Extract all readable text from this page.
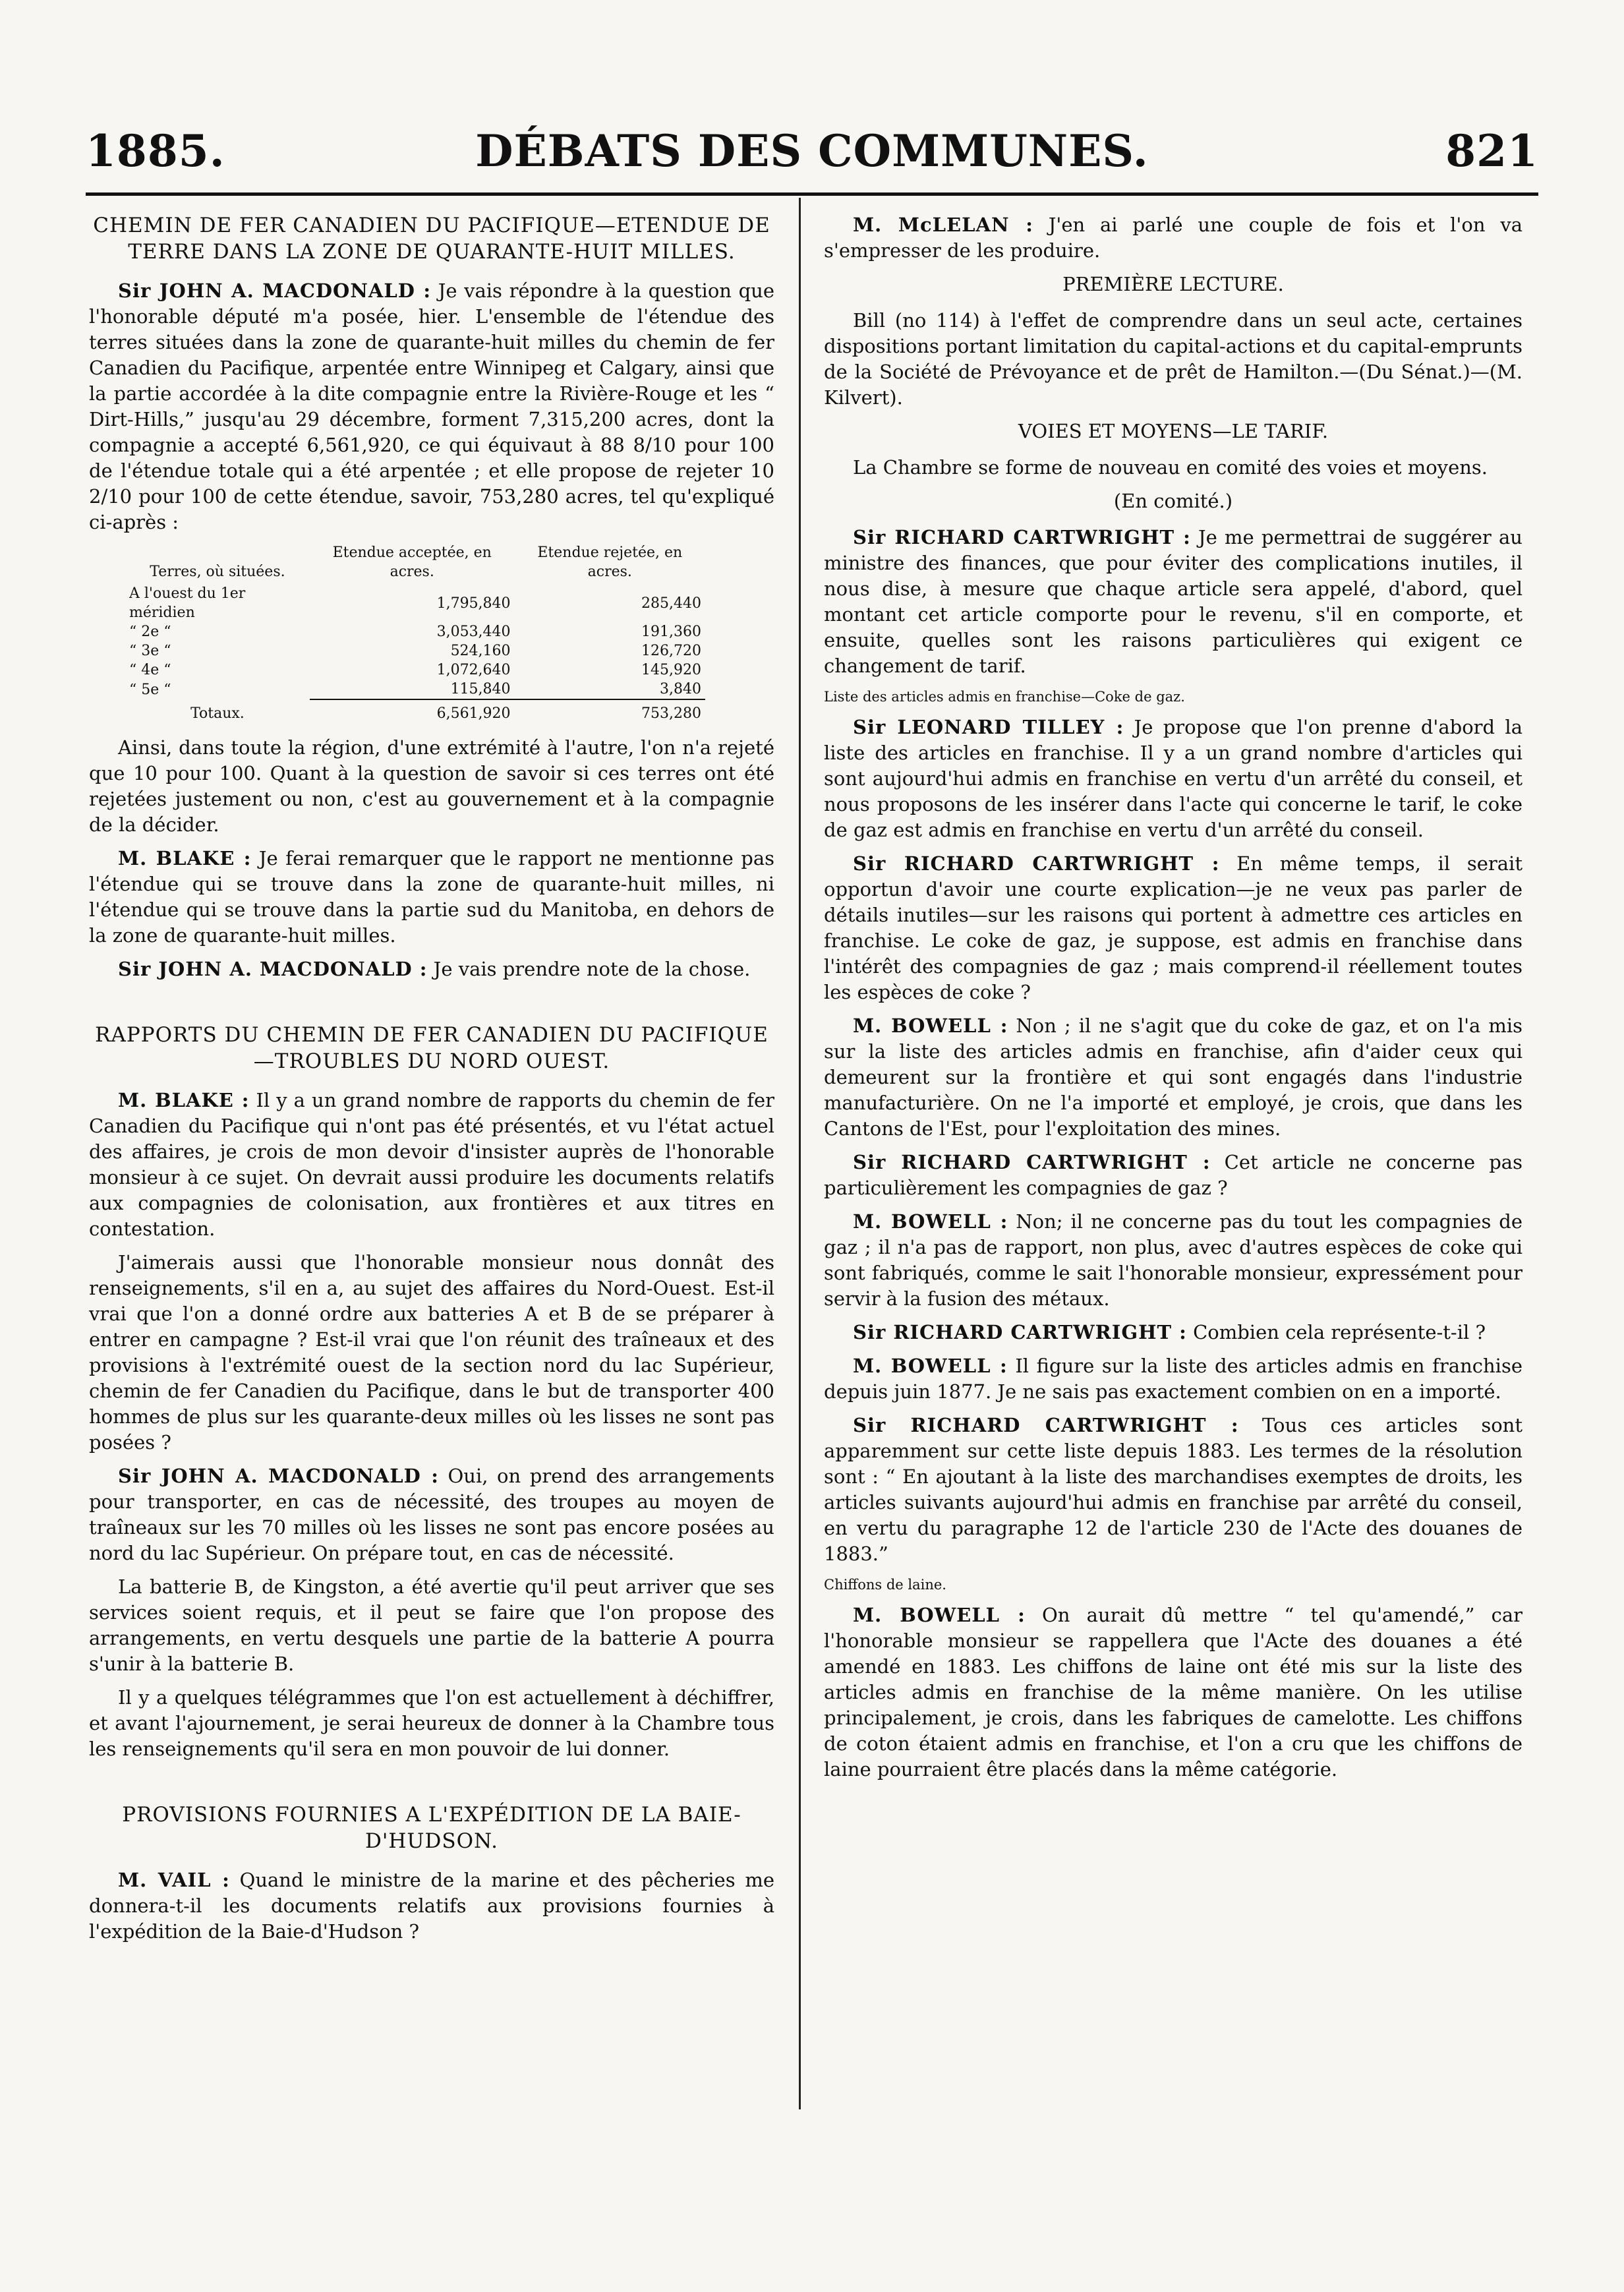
1885.	DÉBATS DES COMMUNES.	821
CHEMIN DE FER CANADIEN DU PACIFIQUE—ETENDUE DE TERRE DANS LA ZONE DE QUARANTE-HUIT MILLES.

Sir JOHN A. MACDONALD : Je vais répondre à la question que l'honorable député m'a posée, hier. L'ensemble de l'étendue des terres situées dans la zone de quarante-huit milles du chemin de fer Canadien du Pacifique, arpentée entre Winnipeg et Calgary, ainsi que la partie accordée à la dite compagnie entre la Rivière-Rouge et les “ Dirt-Hills,” jusqu'au 29 décembre, forment 7,315,200 acres, dont la compagnie a accepté 6,561,920, ce qui équivaut à 88 8/10 pour 100 de l'étendue totale qui a été arpentée ; et elle propose de rejeter 10 2/10 pour 100 de cette étendue, savoir, 753,280 acres, tel qu'expliqué ci-après :

Terres, où situées.	Etendue acceptée, en acres.	Etendue rejetée, en acres.
A l'ouest du 1er méridien	1,795,840	285,440
“ 2e “	3,053,440	191,360
“ 3e “	524,160	126,720
“ 4e “	1,072,640	145,920
“ 5e “	115,840	3,840
Totaux.	6,561,920	753,280

Ainsi, dans toute la région, d'une extrémité à l'autre, l'on n'a rejeté que 10 pour 100. Quant à la question de savoir si ces terres ont été rejetées justement ou non, c'est au gouvernement et à la compagnie de la décider.

M. BLAKE : Je ferai remarquer que le rapport ne mentionne pas l'étendue qui se trouve dans la zone de quarante-huit milles, ni l'étendue qui se trouve dans la partie sud du Manitoba, en dehors de la zone de quarante-huit milles.

Sir JOHN A. MACDONALD : Je vais prendre note de la chose.

RAPPORTS DU CHEMIN DE FER CANADIEN DU PACIFIQUE—TROUBLES DU NORD OUEST.

M. BLAKE : Il y a un grand nombre de rapports du chemin de fer Canadien du Pacifique qui n'ont pas été présentés, et vu l'état actuel des affaires, je crois de mon devoir d'insister auprès de l'honorable monsieur à ce sujet. On devrait aussi produire les documents relatifs aux compagnies de colonisation, aux frontières et aux titres en contestation.

J'aimerais aussi que l'honorable monsieur nous donnât des renseignements, s'il en a, au sujet des affaires du Nord-Ouest. Est-il vrai que l'on a donné ordre aux batteries A et B de se préparer à entrer en campagne ? Est-il vrai que l'on réunit des traîneaux et des provisions à l'extrémité ouest de la section nord du lac Supérieur, chemin de fer Canadien du Pacifique, dans le but de transporter 400 hommes de plus sur les quarante-deux milles où les lisses ne sont pas posées ?

Sir JOHN A. MACDONALD : Oui, on prend des arrangements pour transporter, en cas de nécessité, des troupes au moyen de traîneaux sur les 70 milles où les lisses ne sont pas encore posées au nord du lac Supérieur. On prépare tout, en cas de nécessité.

La batterie B, de Kingston, a été avertie qu'il peut arriver que ses services soient requis, et il peut se faire que l'on propose des arrangements, en vertu desquels une partie de la batterie A pourra s'unir à la batterie B.

Il y a quelques télégrammes que l'on est actuellement à déchiffrer, et avant l'ajournement, je serai heureux de donner à la Chambre tous les renseignements qu'il sera en mon pouvoir de lui donner.

PROVISIONS FOURNIES A L'EXPÉDITION DE LA BAIE-D'HUDSON.

M. VAIL : Quand le ministre de la marine et des pêcheries me donnera-t-il les documents relatifs aux provisions fournies à l'expédition de la Baie-d'Hudson ?

M. McLELAN : J'en ai parlé une couple de fois et l'on va s'empresser de les produire.

PREMIÈRE LECTURE.

Bill (no 114) à l'effet de comprendre dans un seul acte, certaines dispositions portant limitation du capital-actions et du capital-emprunts de la Société de Prévoyance et de prêt de Hamilton.—(Du Sénat.)—(M. Kilvert).

VOIES ET MOYENS—LE TARIF.

La Chambre se forme de nouveau en comité des voies et moyens.

(En comité.)

Sir RICHARD CARTWRIGHT : Je me permettrai de suggérer au ministre des finances, que pour éviter des complications inutiles, il nous dise, à mesure que chaque article sera appelé, d'abord, quel montant cet article comporte pour le revenu, s'il en comporte, et ensuite, quelles sont les raisons particulières qui exigent ce changement de tarif.

Liste des articles admis en franchise—Coke de gaz.

Sir LEONARD TILLEY : Je propose que l'on prenne d'abord la liste des articles en franchise. Il y a un grand nombre d'articles qui sont aujourd'hui admis en franchise en vertu d'un arrêté du conseil, et nous proposons de les insérer dans l'acte qui concerne le tarif, le coke de gaz est admis en franchise en vertu d'un arrêté du conseil.

Sir RICHARD CARTWRIGHT : En même temps, il serait opportun d'avoir une courte explication—je ne veux pas parler de détails inutiles—sur les raisons qui portent à admettre ces articles en franchise. Le coke de gaz, je suppose, est admis en franchise dans l'intérêt des compagnies de gaz ; mais comprend-il réellement toutes les espèces de coke ?

M. BOWELL : Non ; il ne s'agit que du coke de gaz, et on l'a mis sur la liste des articles admis en franchise, afin d'aider ceux qui demeurent sur la frontière et qui sont engagés dans l'industrie manufacturière. On ne l'a importé et employé, je crois, que dans les Cantons de l'Est, pour l'exploitation des mines.

Sir RICHARD CARTWRIGHT : Cet article ne concerne pas particulièrement les compagnies de gaz ?

M. BOWELL : Non; il ne concerne pas du tout les compagnies de gaz ; il n'a pas de rapport, non plus, avec d'autres espèces de coke qui sont fabriqués, comme le sait l'honorable monsieur, expressément pour servir à la fusion des métaux.

Sir RICHARD CARTWRIGHT : Combien cela représente-t-il ?

M. BOWELL : Il figure sur la liste des articles admis en franchise depuis juin 1877. Je ne sais pas exactement combien on en a importé.

Sir RICHARD CARTWRIGHT : Tous ces articles sont apparemment sur cette liste depuis 1883. Les termes de la résolution sont : “ En ajoutant à la liste des marchandises exemptes de droits, les articles suivants aujourd'hui admis en franchise par arrêté du conseil, en vertu du paragraphe 12 de l'article 230 de l'Acte des douanes de 1883.”

Chiffons de laine.

M. BOWELL : On aurait dû mettre “ tel qu'amendé,” car l'honorable monsieur se rappellera que l'Acte des douanes a été amendé en 1883. Les chiffons de laine ont été mis sur la liste des articles admis en franchise de la même manière. On les utilise principalement, je crois, dans les fabriques de camelotte. Les chiffons de coton étaient admis en franchise, et l'on a cru que les chiffons de laine pourraient être placés dans la même catégorie.
